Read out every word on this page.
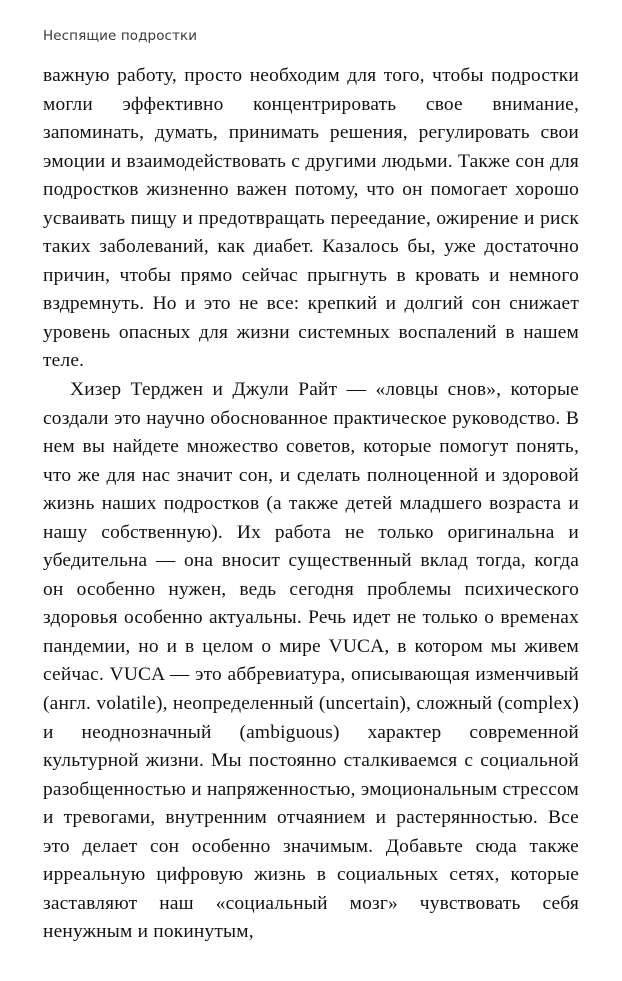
Неспящие подростки

важную работу, просто необходим для того, чтобы подростки могли эффективно концентрировать свое внимание, запоминать, думать, принимать решения, регулировать свои эмоции и взаимодействовать с другими людьми. Также сон для подростков жизненно важен потому, что он помогает хорошо усваивать пищу и предотвращать переедание, ожирение и риск таких заболеваний, как диабет. Казалось бы, уже достаточно причин, чтобы прямо сейчас прыгнуть в кровать и немного вздремнуть. Но и это не все: крепкий и долгий сон снижает уровень опасных для жизни системных воспалений в нашем теле.

Хизер Терджен и Джули Райт — «ловцы снов», которые создали это научно обоснованное практическое руководство. В нем вы найдете множество советов, которые помогут понять, что же для нас значит сон, и сделать полноценной и здоровой жизнь наших подростков (а также детей младшего возраста и нашу собственную). Их работа не только оригинальна и убедительна — она вносит существенный вклад тогда, когда он особенно нужен, ведь сегодня проблемы психического здоровья особенно актуальны. Речь идет не только о временах пандемии, но и в целом о мире VUCA, в котором мы живем сейчас. VUCA — это аббревиатура, описывающая изменчивый (англ. volatile), неопределенный (uncertain), сложный (complex) и неоднозначный (ambiguous) характер современной культурной жизни. Мы постоянно сталкиваемся с социальной разобщенностью и напряженностью, эмоциональным стрессом и тревогами, внутренним отчаянием и растерянностью. Все это делает сон особенно значимым. Добавьте сюда также ирреальную цифровую жизнь в социальных сетях, которые заставляют наш «социальный мозг» чувствовать себя ненужным и покинутым,
